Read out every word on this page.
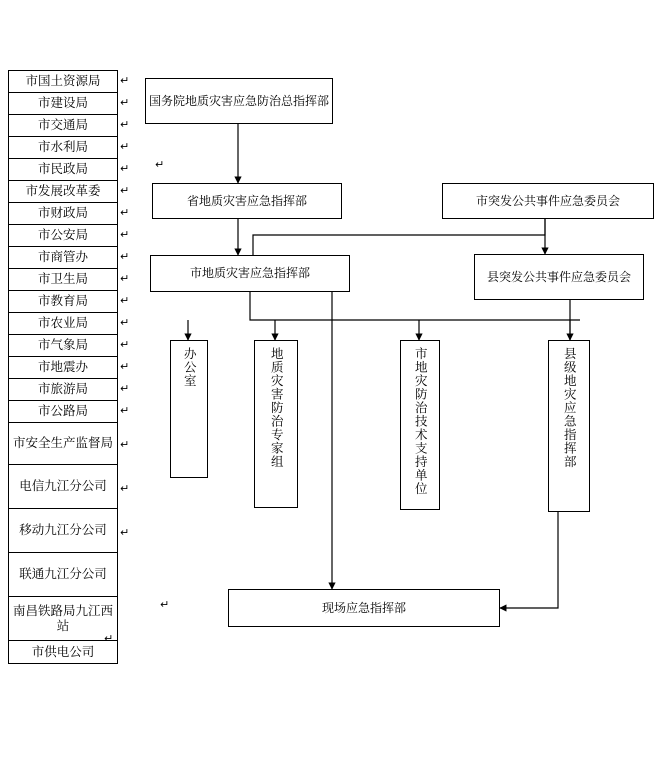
市国土资源局
市建设局
市交通局
市水利局
市民政局
市发展改革委
市财政局
市公安局
市商管办
市卫生局
市教育局
市农业局
市气象局
市地震办
市旅游局
市公路局
市安全生产监督局
电信九江分公司
移动九江分公司
联通九江分公司
南昌铁路局九江西站
市供电公司
↵
↵
↵
↵
↵
↵
↵
↵
↵
↵
↵
↵
↵
↵
↵
↵
↵
↵
↵
↵
↵
↵
国务院地质灾害应急防治总指挥部
省地质灾害应急指挥部	市突发公共事件应急委员会
市地质灾害应急指挥部	县突发公共事件应急委员会
办公室	地质灾害防治专家组	市地灾防治技术支持单位	县级地灾应急指挥部
现场应急指挥部
